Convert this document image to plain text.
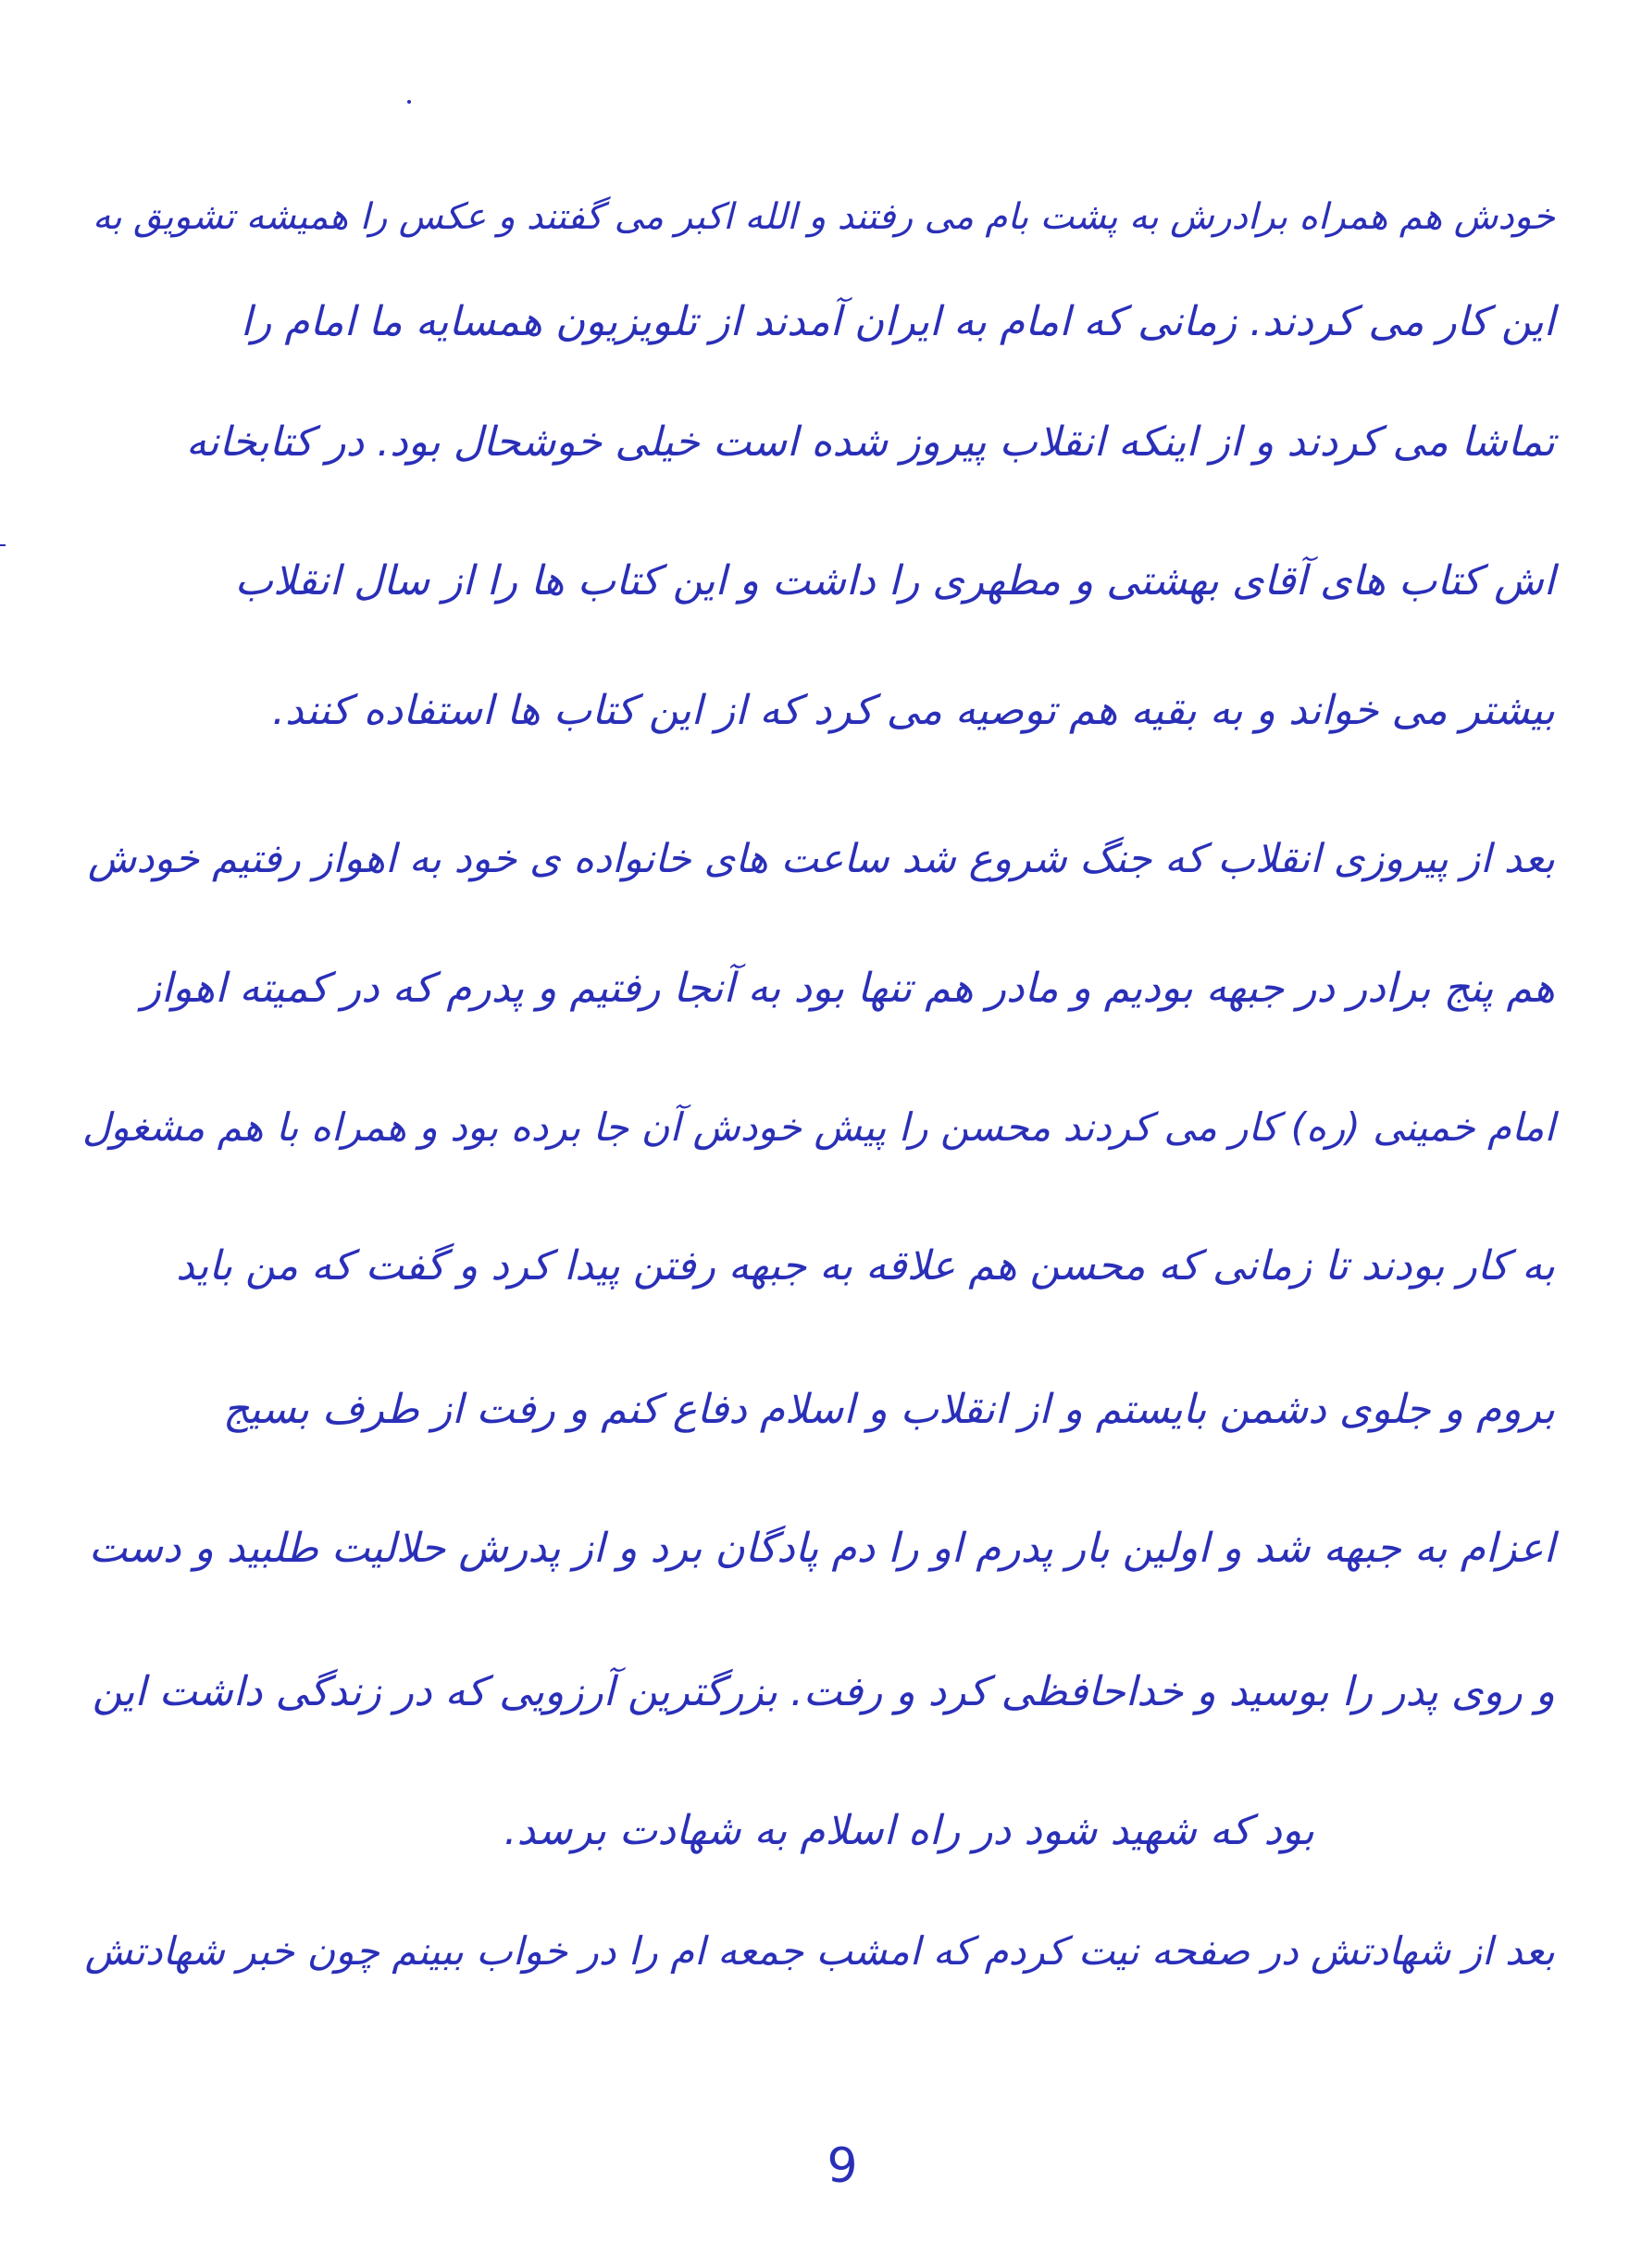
خودش هم همراه برادرش به پشت بام می رفتند و الله اکبر می گفتند و عکس را همیشه تشویق به
این کار می کردند. زمانی که امام به ایران آمدند از تلویزیون همسایه ما امام را
تماشا می کردند و از اینکه انقلاب پیروز شده است خیلی خوشحال بود. در کتابخانه
اش کتاب های آقای بهشتی و مطهری را داشت و این کتاب ها را از سال انقلاب
بیشتر می خواند و به بقیه هم توصیه می کرد که از این کتاب ها استفاده کنند.
بعد از پیروزی انقلاب که جنگ شروع شد ساعت های خانواده ی خود به اهواز رفتیم خودش
هم پنج برادر در جبهه بودیم و مادر هم تنها بود به آنجا رفتیم و پدرم که در کمیته اهواز
امام خمینی (ره) کار می کردند محسن را پیش خودش آن جا برده بود و همراه با هم مشغول
به کار بودند تا زمانی که محسن هم علاقه به جبهه رفتن پیدا کرد و گفت که من باید
بروم و جلوی دشمن بایستم و از انقلاب و اسلام دفاع کنم و رفت از طرف بسیج
اعزام به جبهه شد و اولین بار پدرم او را دم پادگان برد و از پدرش حلالیت طلبید و دست
و روی پدر را بوسید و خداحافظی کرد و رفت. بزرگترین آرزویی که در زندگی داشت این
بود که شهید شود در راه اسلام به شهادت برسد.
بعد از شهادتش در صفحه نیت کردم که امشب جمعه ام را در خواب ببینم چون خبر شهادتش
9
